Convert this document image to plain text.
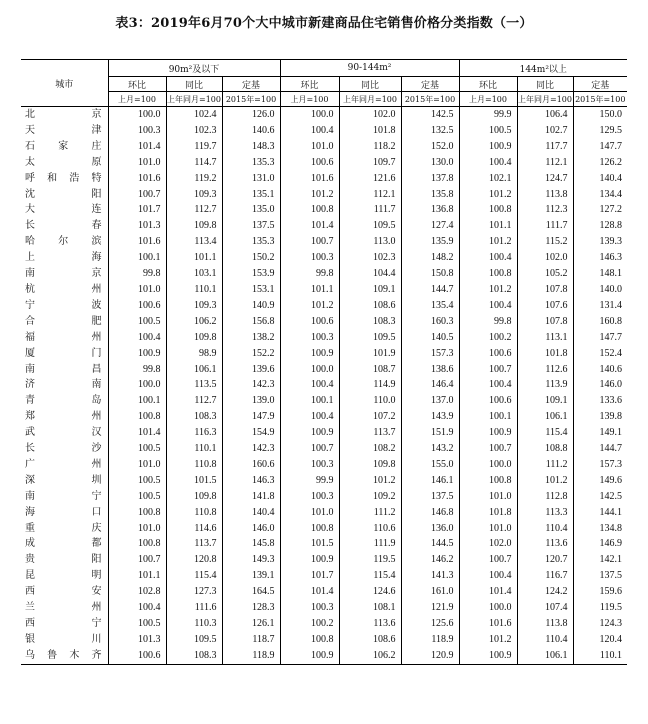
表3：2019年6月70个大中城市新建商品住宅销售价格分类指数（一）
城市	90m²及以下			90-144m²			144m²以上		
	环比	同比	定基	环比	同比	定基	环比	同比	定基
	上月=100	上年同月=100	2015年=100	上月=100	上年同月=100	2015年=100	上月=100	上年同月=100	2015年=100
北京	100.0	102.4	126.0	100.0	102.0	142.5	99.9	106.4	150.0
天津	100.3	102.3	140.6	100.4	101.8	132.5	100.5	102.7	129.5
石家庄	101.4	119.7	148.3	101.0	118.2	152.0	100.9	117.7	147.7
太原	101.0	114.7	135.3	100.6	109.7	130.0	100.4	112.1	126.2
呼和浩特	101.6	119.2	131.0	101.6	121.6	137.8	102.1	124.7	140.4
沈阳	100.7	109.3	135.1	101.2	112.1	135.8	101.2	113.8	134.4
大连	101.7	112.7	135.0	100.8	111.7	136.8	100.8	112.3	127.2
长春	101.3	109.8	137.5	101.4	109.5	127.4	101.1	111.7	128.8
哈尔滨	101.6	113.4	135.3	100.7	113.0	135.9	101.2	115.2	139.3
上海	100.1	101.1	150.2	100.3	102.3	148.2	100.4	102.0	146.3
南京	99.8	103.1	153.9	99.8	104.4	150.8	100.8	105.2	148.1
杭州	101.0	110.1	153.1	101.1	109.1	144.7	101.2	107.8	140.0
宁波	100.6	109.3	140.9	101.2	108.6	135.4	100.4	107.6	131.4
合肥	100.5	106.2	156.8	100.6	108.3	160.3	99.8	107.8	160.8
福州	100.4	109.8	138.2	100.3	109.5	140.5	100.2	113.1	147.7
厦门	100.9	98.9	152.2	100.9	101.9	157.3	100.6	101.8	152.4
南昌	99.8	106.1	139.6	100.0	108.7	138.6	100.7	112.6	140.6
济南	100.0	113.5	142.3	100.4	114.9	146.4	100.4	113.9	146.0
青岛	100.1	112.7	139.0	100.1	110.0	137.0	100.6	109.1	133.6
郑州	100.8	108.3	147.9	100.4	107.2	143.9	100.1	106.1	139.8
武汉	101.4	116.3	154.9	100.9	113.7	151.9	100.9	115.4	149.1
长沙	100.5	110.1	142.3	100.7	108.2	143.2	100.7	108.8	144.7
广州	101.0	110.8	160.6	100.3	109.8	155.0	100.0	111.2	157.3
深圳	100.5	101.5	146.3	99.9	101.2	146.1	100.8	101.2	149.6
南宁	100.5	109.8	141.8	100.3	109.2	137.5	101.0	112.8	142.5
海口	100.8	110.8	140.4	101.0	111.2	146.8	101.8	113.3	144.1
重庆	101.0	114.6	146.0	100.8	110.6	136.0	101.0	110.4	134.8
成都	100.8	113.7	145.8	101.5	111.9	144.5	102.0	113.6	146.9
贵阳	100.7	120.8	149.3	100.9	119.5	146.2	100.7	120.7	142.1
昆明	101.1	115.4	139.1	101.7	115.4	141.3	100.4	116.7	137.5
西安	102.8	127.3	164.5	101.4	124.6	161.0	101.4	124.2	159.6
兰州	100.4	111.6	128.3	100.3	108.1	121.9	100.0	107.4	119.5
西宁	100.5	110.3	126.1	100.2	113.6	125.6	101.6	113.8	124.3
银川	101.3	109.5	118.7	100.8	108.6	118.9	101.2	110.4	120.4
乌鲁木齐	100.6	108.3	118.9	100.9	106.2	120.9	100.9	106.1	110.1
